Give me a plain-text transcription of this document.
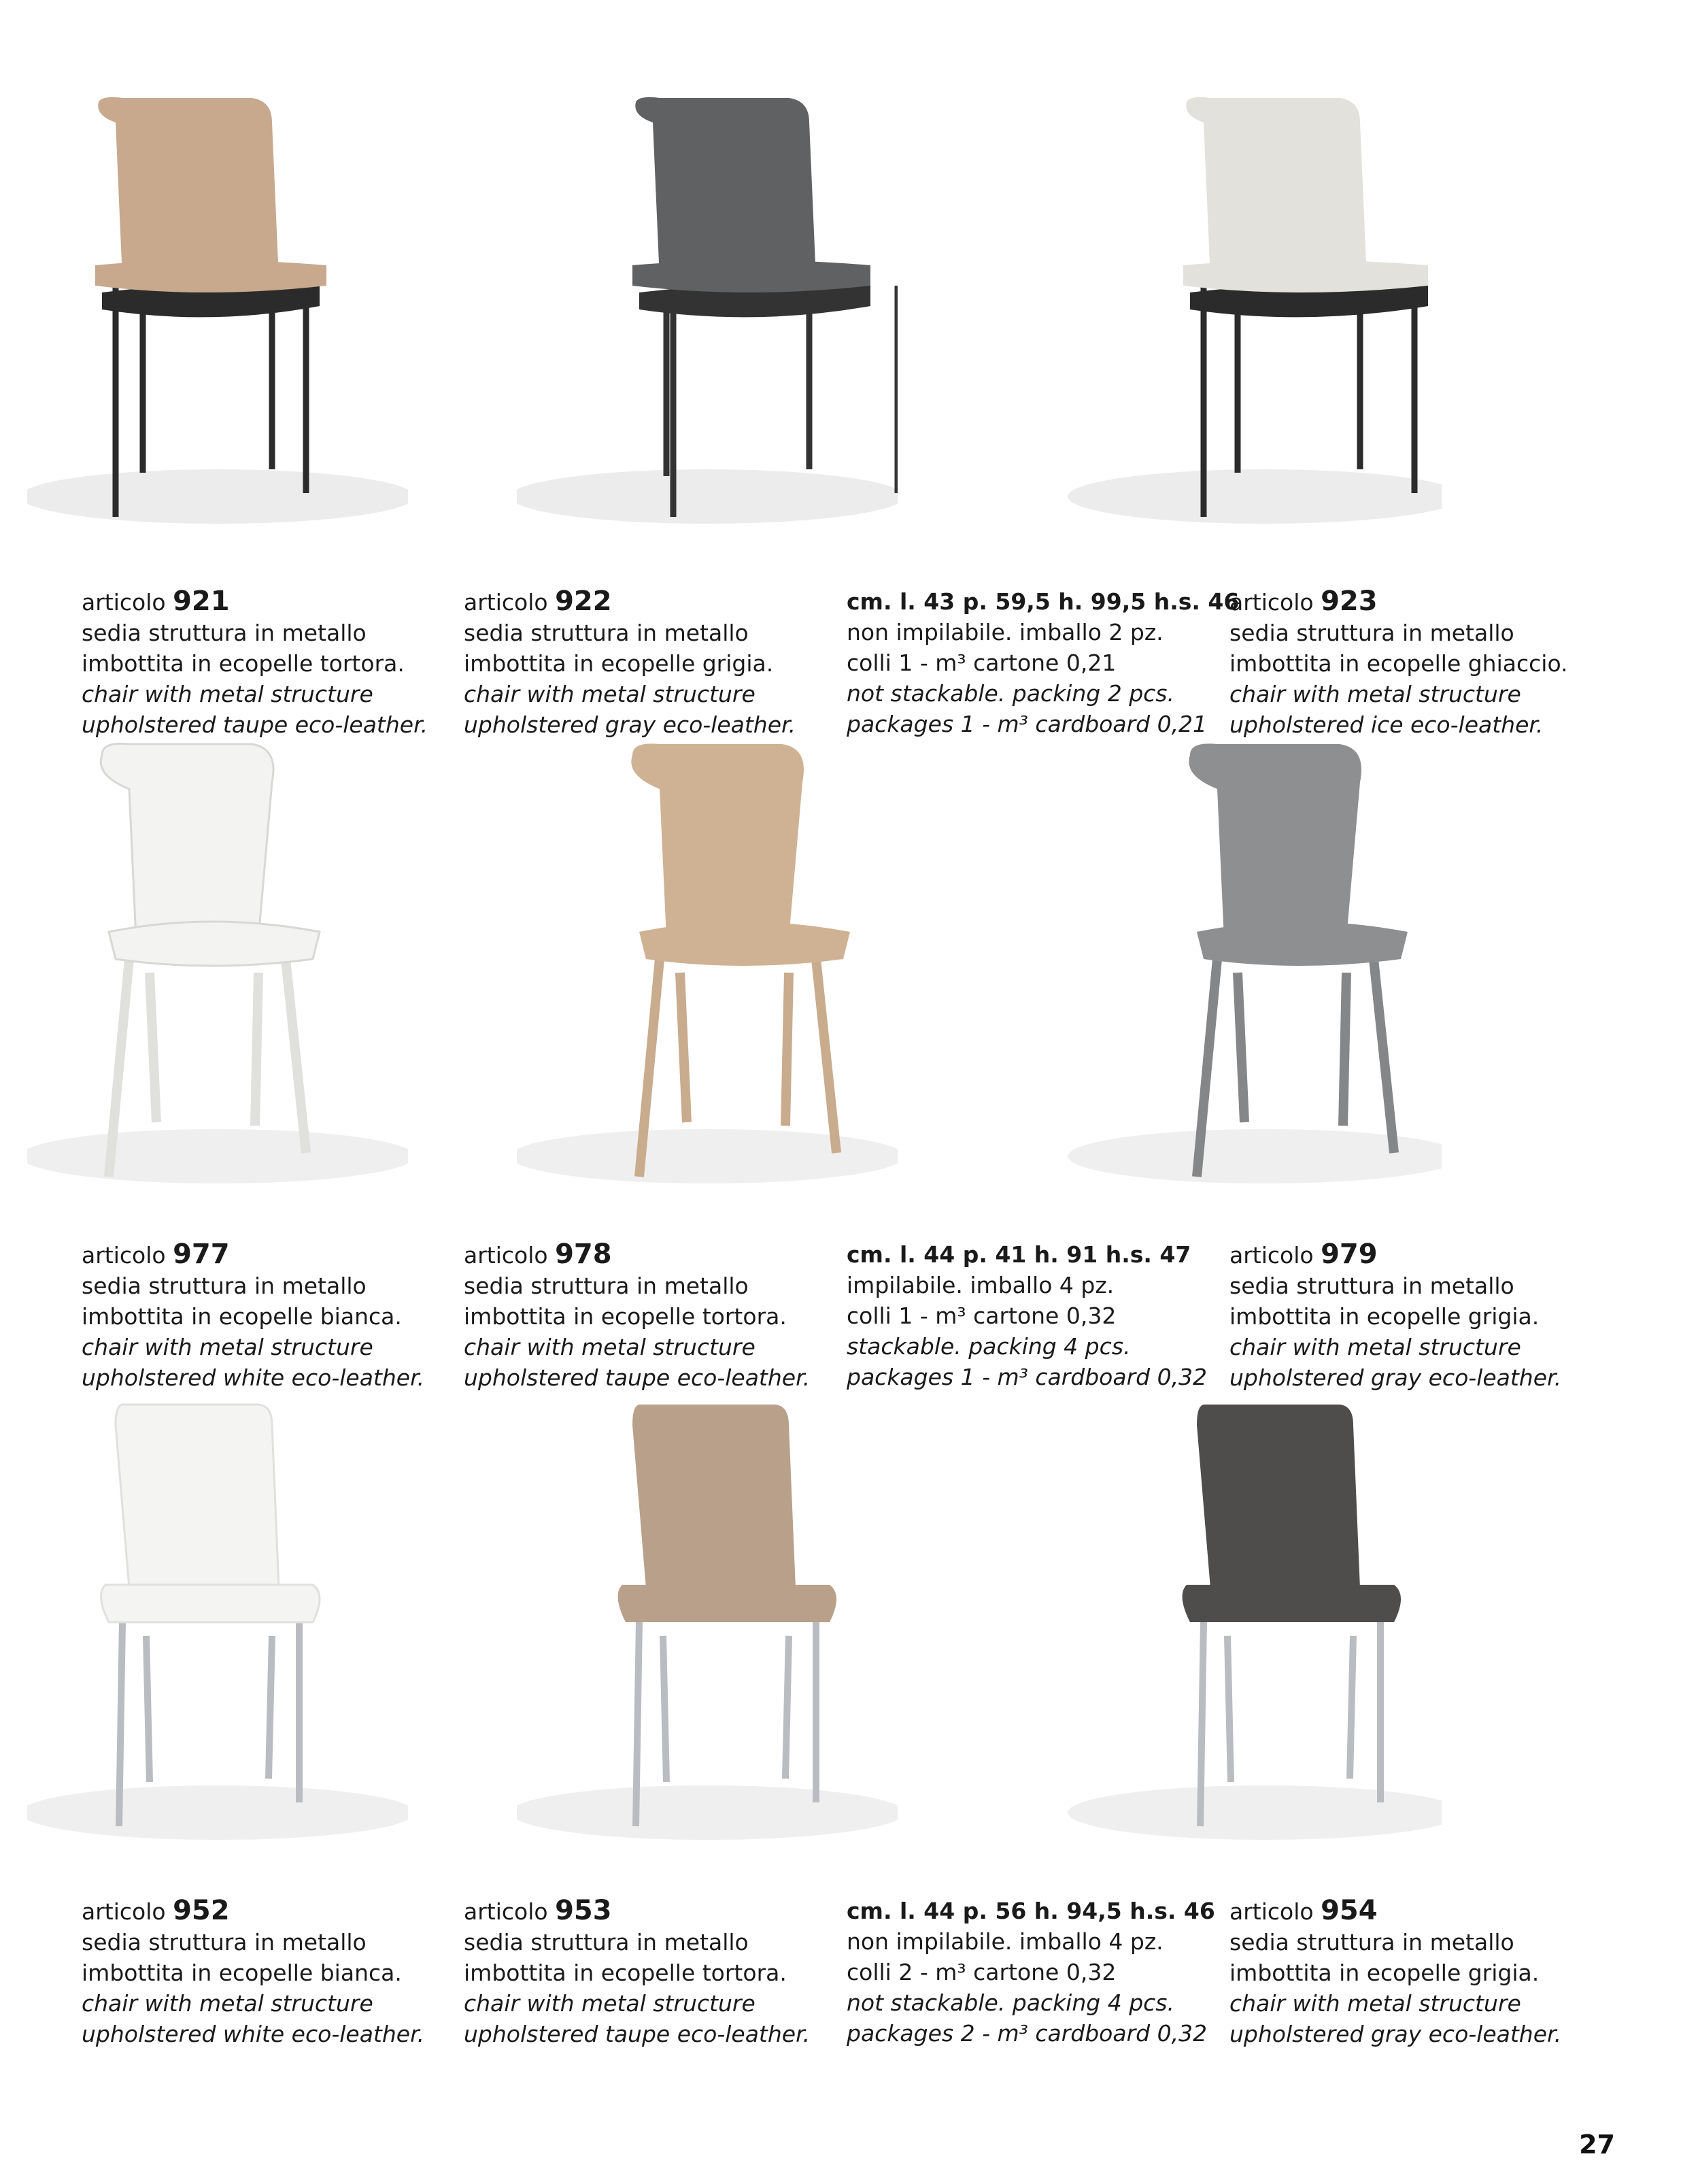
articolo 921
sedia struttura in metallo
imbottita in ecopelle tortora.
chair with metal structure
upholstered taupe eco-leather.
articolo 922
sedia struttura in metallo
imbottita in ecopelle grigia.
chair with metal structure
upholstered gray eco-leather.
cm. l. 43 p. 59,5 h. 99,5 h.s. 46
non impilabile. imballo 2 pz.
colli 1 - m³ cartone 0,21
not stackable. packing 2 pcs.
packages 1 - m³ cardboard 0,21
articolo 923
sedia struttura in metallo
imbottita in ecopelle ghiaccio.
chair with metal structure
upholstered ice eco-leather.
articolo 977
sedia struttura in metallo
imbottita in ecopelle bianca.
chair with metal structure
upholstered white eco-leather.
articolo 978
sedia struttura in metallo
imbottita in ecopelle tortora.
chair with metal structure
upholstered taupe eco-leather.
cm. l. 44 p. 41 h. 91 h.s. 47
impilabile. imballo 4 pz.
colli 1 - m³ cartone 0,32
stackable. packing 4 pcs.
packages 1 - m³ cardboard 0,32
articolo 979
sedia struttura in metallo
imbottita in ecopelle grigia.
chair with metal structure
upholstered gray eco-leather.
articolo 952
sedia struttura in metallo
imbottita in ecopelle bianca.
chair with metal structure
upholstered white eco-leather.
articolo 953
sedia struttura in metallo
imbottita in ecopelle tortora.
chair with metal structure
upholstered taupe eco-leather.
cm. l. 44 p. 56 h. 94,5 h.s. 46
non impilabile. imballo 4 pz.
colli 2 - m³ cartone 0,32
not stackable. packing 4 pcs.
packages 2 - m³ cardboard 0,32
articolo 954
sedia struttura in metallo
imbottita in ecopelle grigia.
chair with metal structure
upholstered gray eco-leather.
27
